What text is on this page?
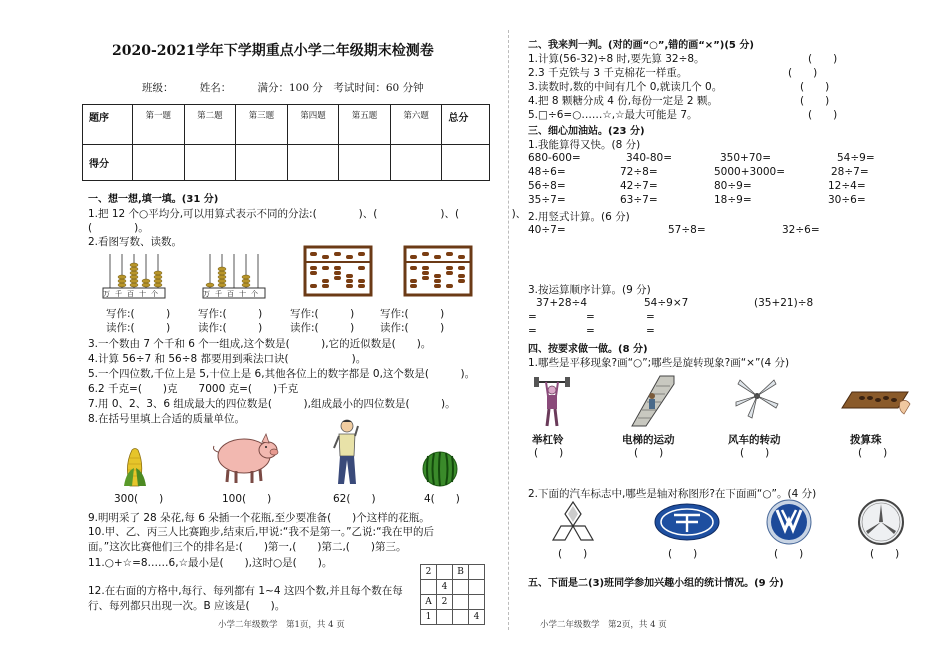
2020-2021学年下学期重点小学二年级期末检测卷
班级：　　　姓名：　　　满分：100 分　考试时间：60 分钟
题序	第一题	第二题	第三题	第四题	第五题	第六题	总分
得分							
一、想一想,填一填。(31 分)
1.把 12 个○平均分,可以用算式表示不同的分法:(　　　　)、(　　　　　　)、(　　　　　)、
(　　　　)。
2.看图写数、读数。
万千百十个	万千百十个
写作:(　　　)	写作:(　　　)	写作:(　　　) 写作:(　　　)
读作:(　　　)	读作:(　　　)	读作:(　　　) 读作:(　　　)
3.一个数由 7 个千和 6 个一组成,这个数是(　　　),它的近似数是(　　)。
4.计算 56÷7 和 56÷8 都要用到乘法口诀(　　　　　　)。
5.一个四位数,千位上是 5,十位上是 6,其他各位上的数字都是 0,这个数是(　　　)。
6.2 千克=(　　)克　　7000 克=(　　)千克
7.用 0、2、3、6 组成最大的四位数是(　　　),组成最小的四位数是(　　　)。
8.在括号里填上合适的质量单位。
300(　　)	100(　　)	62(　　)	4(　　)
9.明明采了 28 朵花,每 6 朵插一个花瓶,至少要准备(　　)个这样的花瓶。
10.甲、乙、丙三人比赛跑步,结束后,甲说:“我不是第一。”乙说:“我在甲的后
面。”这次比赛他们三个的排名是:(　　)第一,(　　)第二,(　　)第三。
11.○+☆=8……6,☆最小是(　　),这时○是(　　)。
12.在右面的方格中,每行、每列都有 1~4 这四个数,并且每个数在每
行、每列都只出现一次。B 应该是(　　)。
2		B	
	4		
A	2		
1			4
小学二年级数学　第1页，共 4 页
二、我来判一判。(对的画“○”,错的画“×”)(5 分)
1.计算(56-32)÷8 时,要先算 32÷8。	(　　)
2.3 千克铁与 3 千克棉花一样重。	(　　)
3.读数时,数的中间有几个 0,就读几个 0。	(　　)
4.把 8 颗糖分成 4 份,每份一定是 2 颗。	(　　)
5.□÷6=○……☆,☆最大可能是 7。	(　　)
三、细心加油站。(23 分)
1.我能算得又快。(8 分)
680-600=	340-80=	350+70=	54÷9=
48÷6=	72÷8=	5000+3000=	28÷7=
56÷8=	42÷7=	80÷9=	12÷4=
35÷7=	63÷7=	18÷9=	30÷6=
2.用竖式计算。(6 分)
40÷7=	57÷8=	32÷6=
3.按运算顺序计算。(9 分)
37+28÷4	54÷9×7	(35+21)÷8
=	=	=
=	=	=
四、按要求做一做。(8 分)
1.哪些是平移现象?画“○”;哪些是旋转现象?画“×”(4 分)
举杠铃	电梯的运动	风车的转动	拨算珠
(　　)	(　　)	(　　)	(　　)
2.下面的汽车标志中,哪些是轴对称图形?在下面画“○”。(4 分)
(　　)	(　　)	(　　)	(　　)
五、下面是二(3)班同学参加兴趣小组的统计情况。(9 分)
小学二年级数学　第2页，共 4 页
